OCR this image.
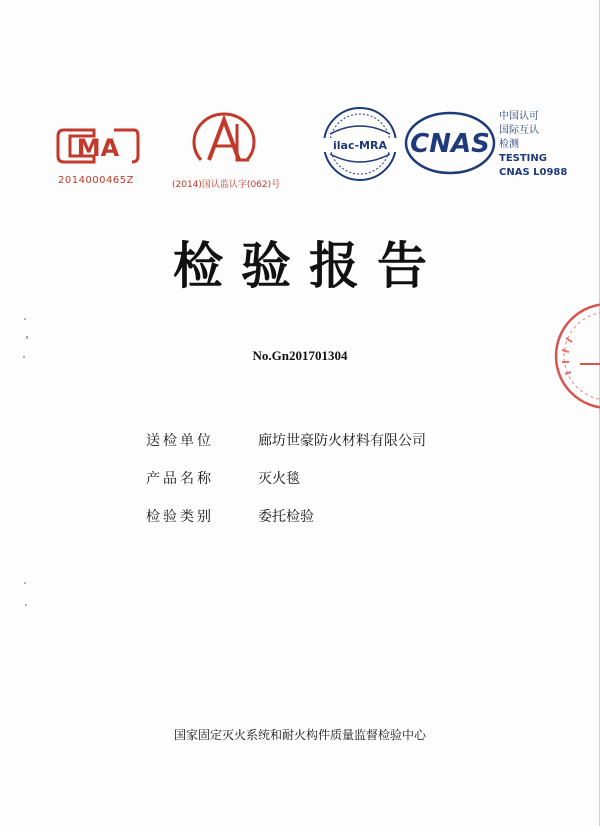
MA
2014000465Z	(2014)国认监认字(062)号
ilac-MRA CNAS
中国认可
国际互认
检测
TESTING
CNAS L0988
检验报告
No.Gn201701304
送检单位	廊坊世豪防火材料有限公司
产品名称	灭火毯
检验类别	委托检验
国家固定灭火系统和耐火构件质量监督检验中心
